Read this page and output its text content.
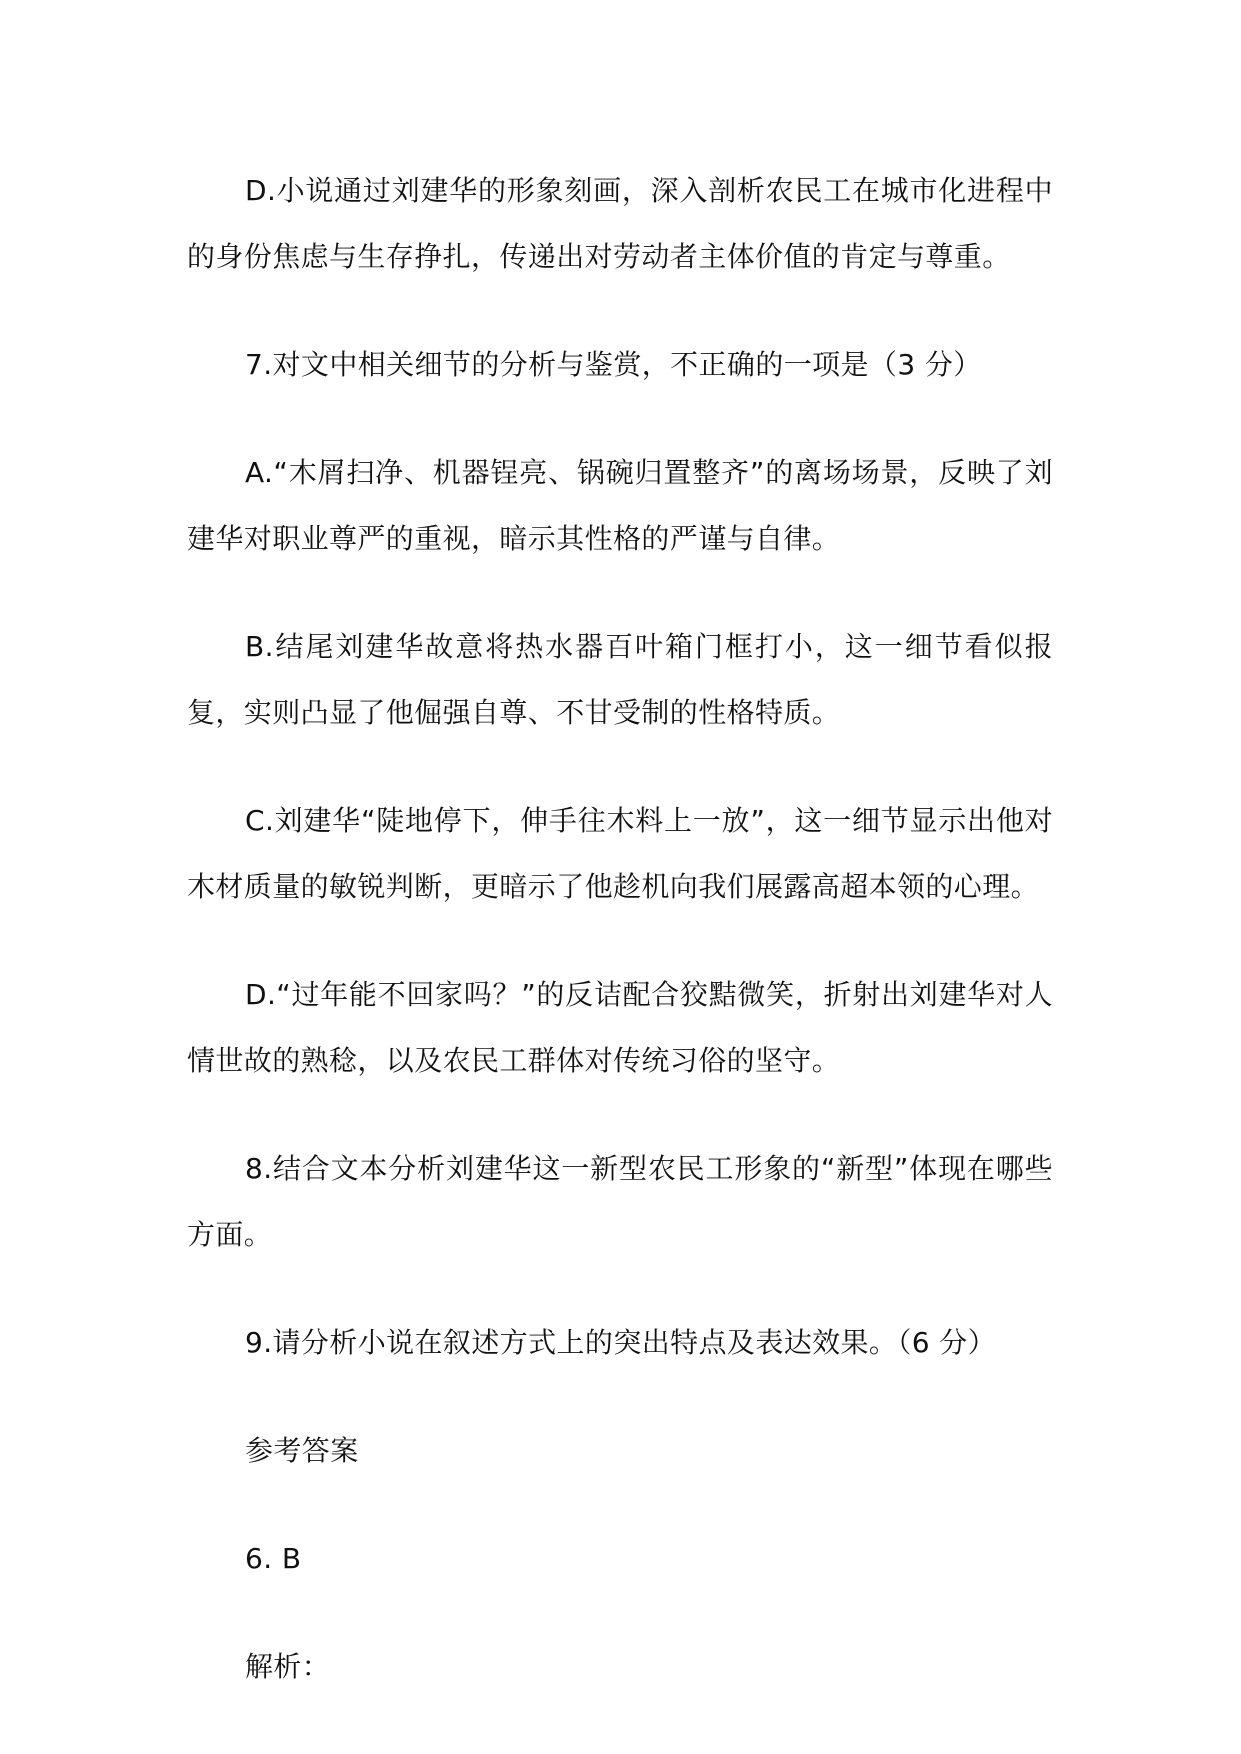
D.小说通过刘建华的形象刻画，深入剖析农民工在城市化进程中的身份焦虑与生存挣扎，传递出对劳动者主体价值的肯定与尊重。

7.对文中相关细节的分析与鉴赏，不正确的一项是（3 分）

A.“木屑扫净、机器锃亮、锅碗归置整齐”的离场场景，反映了刘建华对职业尊严的重视，暗示其性格的严谨与自律。

B.结尾刘建华故意将热水器百叶箱门框打小，这一细节看似报复，实则凸显了他倔强自尊、不甘受制的性格特质。

C.刘建华“陡地停下，伸手往木料上一放”，这一细节显示出他对木材质量的敏锐判断，更暗示了他趁机向我们展露高超本领的心理。

D.“过年能不回家吗？”的反诘配合狡黠微笑，折射出刘建华对人情世故的熟稔，以及农民工群体对传统习俗的坚守。

8.结合文本分析刘建华这一新型农民工形象的“新型”体现在哪些方面。

9.请分析小说在叙述方式上的突出特点及表达效果。（6 分）

参考答案

6. B

解析：
